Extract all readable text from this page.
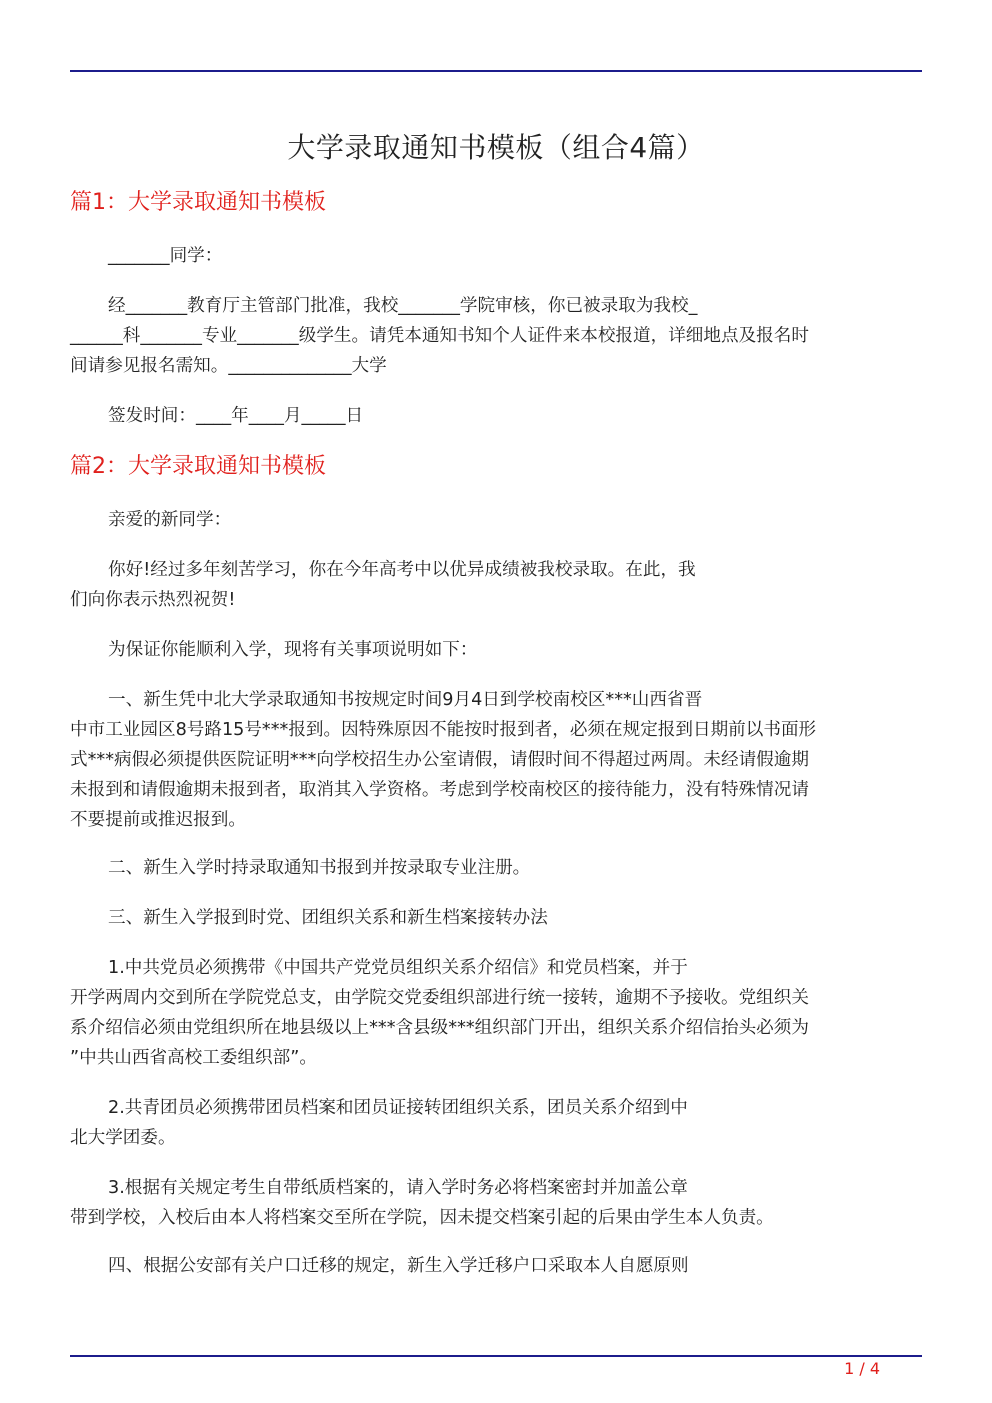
大学录取通知书模板（组合4篇）
篇1：大学录取通知书模板
_______同学：
经_______教育厅主管部门批准，我校_______学院审核，你已被录取为我校_
______科_______专业_______级学生。请凭本通知书知个人证件来本校报道，详细地点及报名时
间请参见报名需知。______________大学
签发时间：____年____月_____日
篇2：大学录取通知书模板
亲爱的新同学：
你好!经过多年刻苦学习，你在今年高考中以优异成绩被我校录取。在此，我
们向你表示热烈祝贺!
为保证你能顺利入学，现将有关事项说明如下：
一、新生凭中北大学录取通知书按规定时间9月4日到学校南校区***山西省晋
中市工业园区8号路15号***报到。因特殊原因不能按时报到者，必须在规定报到日期前以书面形
式***病假必须提供医院证明***向学校招生办公室请假，请假时间不得超过两周。未经请假逾期
未报到和请假逾期未报到者，取消其入学资格。考虑到学校南校区的接待能力，没有特殊情况请
不要提前或推迟报到。
二、新生入学时持录取通知书报到并按录取专业注册。
三、新生入学报到时党、团组织关系和新生档案接转办法
1.中共党员必须携带《中国共产党党员组织关系介绍信》和党员档案，并于
开学两周内交到所在学院党总支，由学院交党委组织部进行统一接转，逾期不予接收。党组织关
系介绍信必须由党组织所在地县级以上***含县级***组织部门开出，组织关系介绍信抬头必须为
”中共山西省高校工委组织部”。
2.共青团员必须携带团员档案和团员证接转团组织关系，团员关系介绍到中
北大学团委。
3.根据有关规定考生自带纸质档案的，请入学时务必将档案密封并加盖公章
带到学校，入校后由本人将档案交至所在学院，因未提交档案引起的后果由学生本人负责。
四、根据公安部有关户口迁移的规定，新生入学迁移户口采取本人自愿原则
1 / 4
